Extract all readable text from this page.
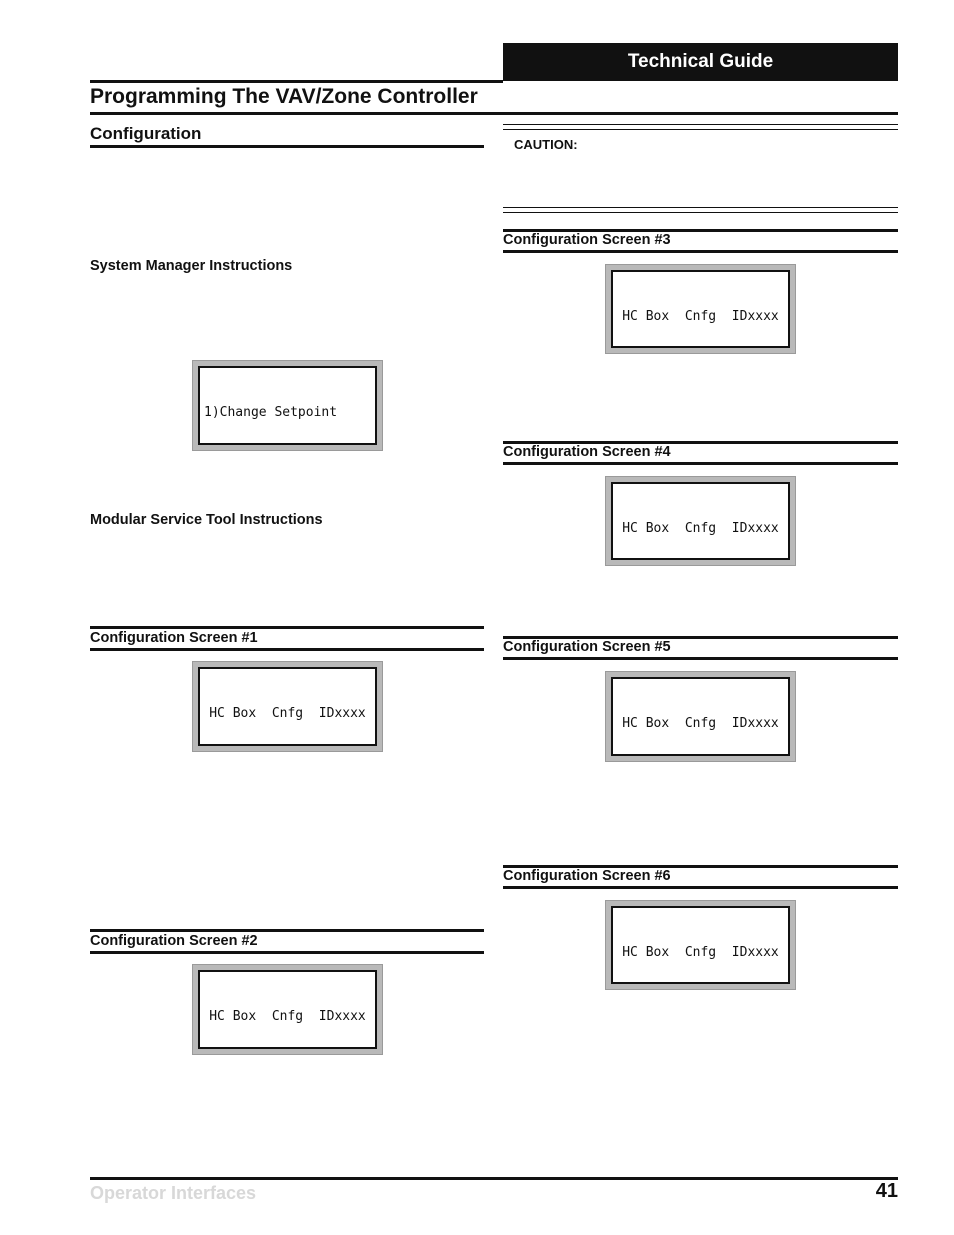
Technical Guide
Programming The VAV/Zone Controller
Configuration
System Manager Instructions

1)Change Setpoint

Modular Service Tool Instructions
Configuration Screen #1

HC Box  Cnfg  IDxxxx

Configuration Screen #2

HC Box  Cnfg  IDxxxx

CAUTION:
Configuration Screen #3

HC Box  Cnfg  IDxxxx

Configuration Screen #4

HC Box  Cnfg  IDxxxx

Configuration Screen #5

HC Box  Cnfg  IDxxxx

Configuration Screen #6

HC Box  Cnfg  IDxxxx

Operator Interfaces	41
